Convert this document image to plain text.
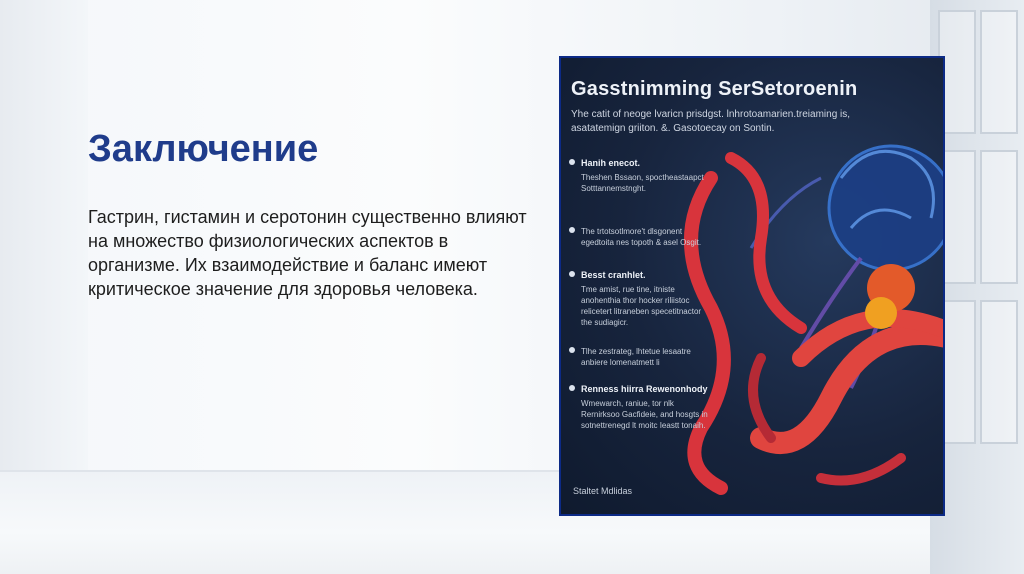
Заключение

Гастрин, гистамин и серотонин существенно влияют на множество физиологических аспектов в организме. Их взаимодействие и баланс имеют критическое значение для здоровья человека.

Gasstnimming SerSetoroenin

Yhe catit of neoge lvaricn prisdgst. lnhrotoamarien.treiaming is, asatatemign griiton. &. Gasotoecay on Sontin.

Hanih enecot.

Theshen Bssaon, spoctheastaapct Sotttannemstnght.

The trtotsotlmore't dlsgonent egedtoita nes topoth & asel Osgit.

Besst cranhlet.

Tme amist, rue tine, itniste anohenthia thor hocker riliistoc relicetert litraneben specetitnactor the sudiagicr.

Tlhe zestrateg, lhtetue lesaatre anbiere lomenatmett li

Renness hiirra Rewenonhody

Wmewarch, raniue, tor nlk Rernirksoo Gacfideie, and hosgts in sotnettrenegd lt moitc Ieastt tonaih.

Staltet Mdlidas
